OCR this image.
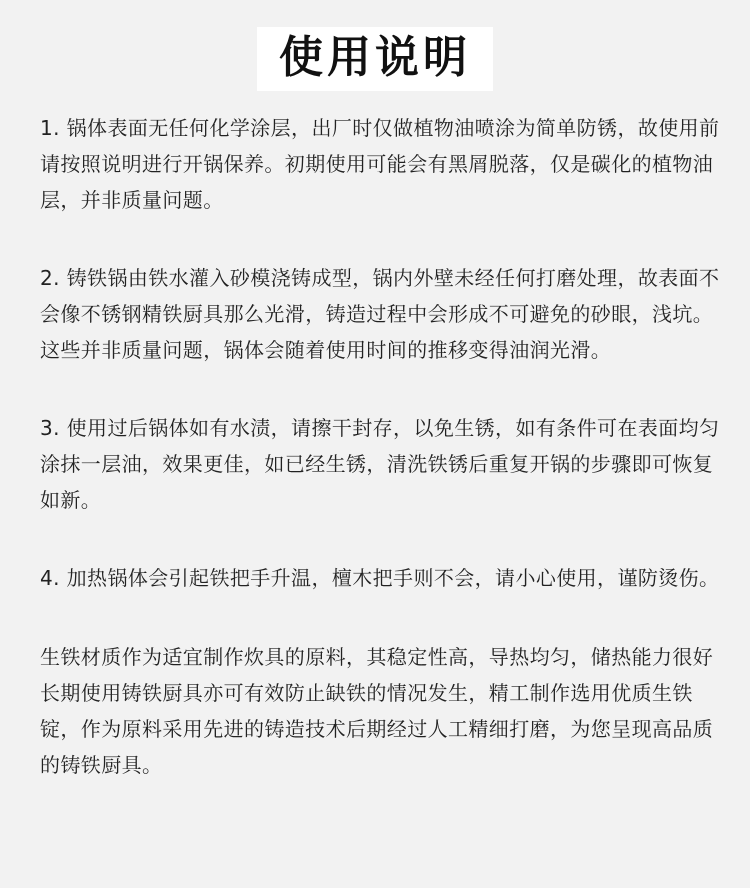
使用说明

1. 锅体表面无任何化学涂层，出厂时仅做植物油喷涂为简单防锈，故使用前请按照说明进行开锅保养。初期使用可能会有黑屑脱落，仅是碳化的植物油层，并非质量问题。

2. 铸铁锅由铁水灌入砂模浇铸成型，锅内外壁未经任何打磨处理，故表面不会像不锈钢精铁厨具那么光滑，铸造过程中会形成不可避免的砂眼，浅坑。这些并非质量问题，锅体会随着使用时间的推移变得油润光滑。

3. 使用过后锅体如有水渍，请擦干封存，以免生锈，如有条件可在表面均匀涂抹一层油，效果更佳，如已经生锈，清洗铁锈后重复开锅的步骤即可恢复如新。

4. 加热锅体会引起铁把手升温，檀木把手则不会，请小心使用，谨防烫伤。

生铁材质作为适宜制作炊具的原料，其稳定性高，导热均匀，储热能力很好长期使用铸铁厨具亦可有效防止缺铁的情况发生，精工制作选用优质生铁锭，作为原料采用先进的铸造技术后期经过人工精细打磨，为您呈现高品质的铸铁厨具。
